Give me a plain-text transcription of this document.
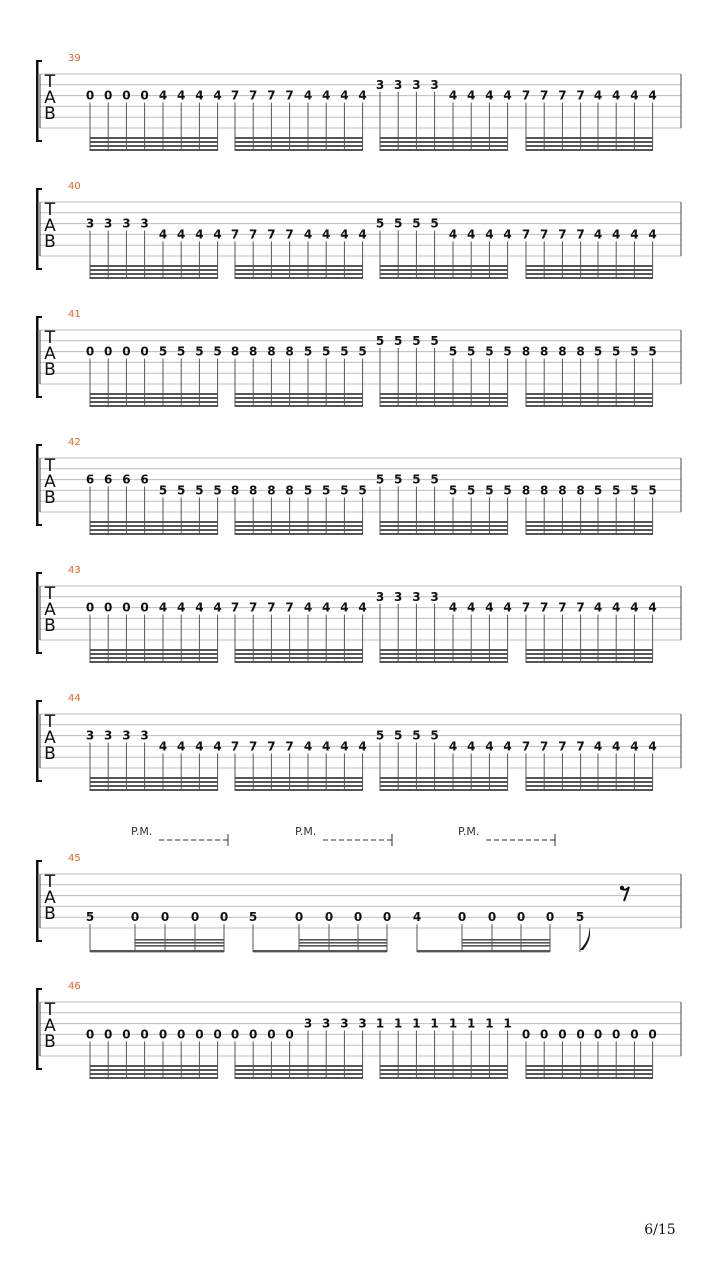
39
T
A
B
0 0 0 0 4 4 4 4 7 7 7 7 4 4 4 4
3 3 3 3
4 4 4 4 7 7 7 7 4 4 4 4
40
T
A
B
3 3 3 3
4 4 4 4 7 7 7 7 4 4 4 4
5 5 5 5
4 4 4 4 7 7 7 7 4 4 4 4
41
T
A
B
0 0 0 0 5 5 5 5 8 8 8 8 5 5 5 5
5 5 5 5
5 5 5 5 8 8 8 8 5 5 5 5
42
T
A
B
6 6 6 6
5 5 5 5 8 8 8 8 5 5 5 5
5 5 5 5
5 5 5 5 8 8 8 8 5 5 5 5
43
T
A
B
0 0 0 0 4 4 4 4 7 7 7 7 4 4 4 4
3 3 3 3
4 4 4 4 7 7 7 7 4 4 4 4
44
T
A
B
3 3 3 3
4 4 4 4 7 7 7 7 4 4 4 4
5 5 5 5
4 4 4 4 7 7 7 7 4 4 4 4
45
T
A
B 5	0 0 0 0 5	0 0 0 0 4	0 0 0 0 5
P.M.	P.M.	P.M.
46
T
A
B 0 0 0 0 0 0 0 0 0 0 0 0
3 3 3 3 1 1 1 1 1 1 1 1
0 0 0 0 0 0 0 0
6/15
